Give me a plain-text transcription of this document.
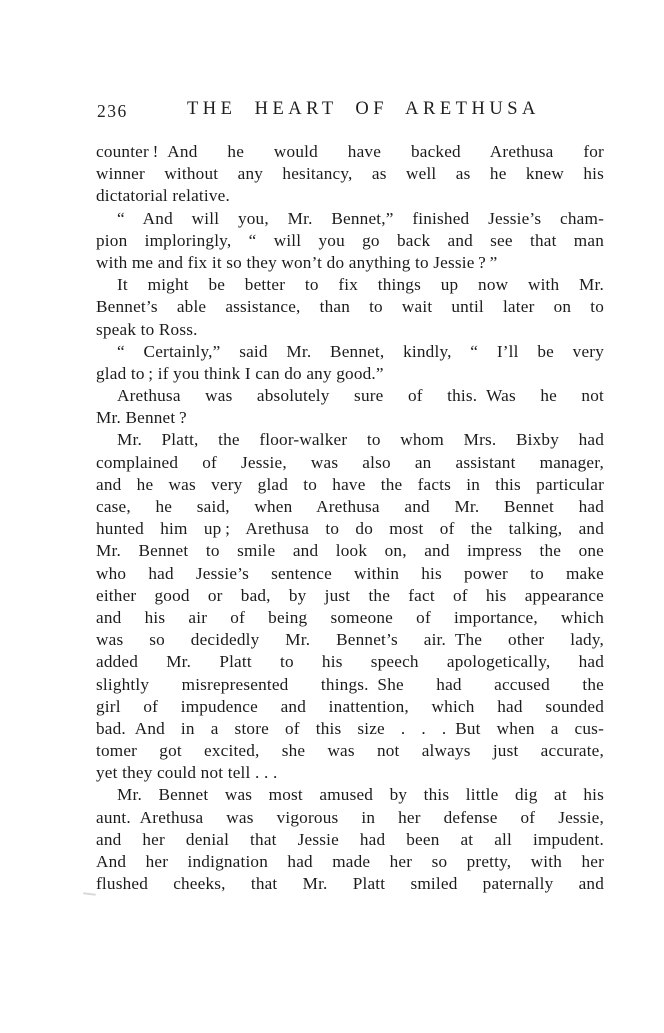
236	THE HEART OF ARETHUSA
counter ! And he would have backed Arethusa for
winner without any hesitancy, as well as he knew his
dictatorial relative.
“ And will you, Mr. Bennet,” finished Jessie’s cham-
pion imploringly, “ will you go back and see that man
with me and fix it so they won’t do anything to Jessie ? ”
It might be better to fix things up now with Mr.
Bennet’s able assistance, than to wait until later on to
speak to Ross.
“ Certainly,” said Mr. Bennet, kindly, “ I’ll be very
glad to ; if you think I can do any good.”
Arethusa was absolutely sure of this. Was he not
Mr. Bennet ?
Mr. Platt, the floor-walker to whom Mrs. Bixby had
complained of Jessie, was also an assistant manager,
and he was very glad to have the facts in this particular
case, he said, when Arethusa and Mr. Bennet had
hunted him up ; Arethusa to do most of the talking, and
Mr. Bennet to smile and look on, and impress the one
who had Jessie’s sentence within his power to make
either good or bad, by just the fact of his appearance
and his air of being someone of importance, which
was so decidedly Mr. Bennet’s air. The other lady,
added Mr. Platt to his speech apologetically, had
slightly misrepresented things. She had accused the
girl of impudence and inattention, which had sounded
bad. And in a store of this size . . . But when a cus-
tomer got excited, she was not always just accurate,
yet they could not tell . . .
Mr. Bennet was most amused by this little dig at his
aunt. Arethusa was vigorous in her defense of Jessie,
and her denial that Jessie had been at all impudent.
And her indignation had made her so pretty, with her
flushed cheeks, that Mr. Platt smiled paternally and
